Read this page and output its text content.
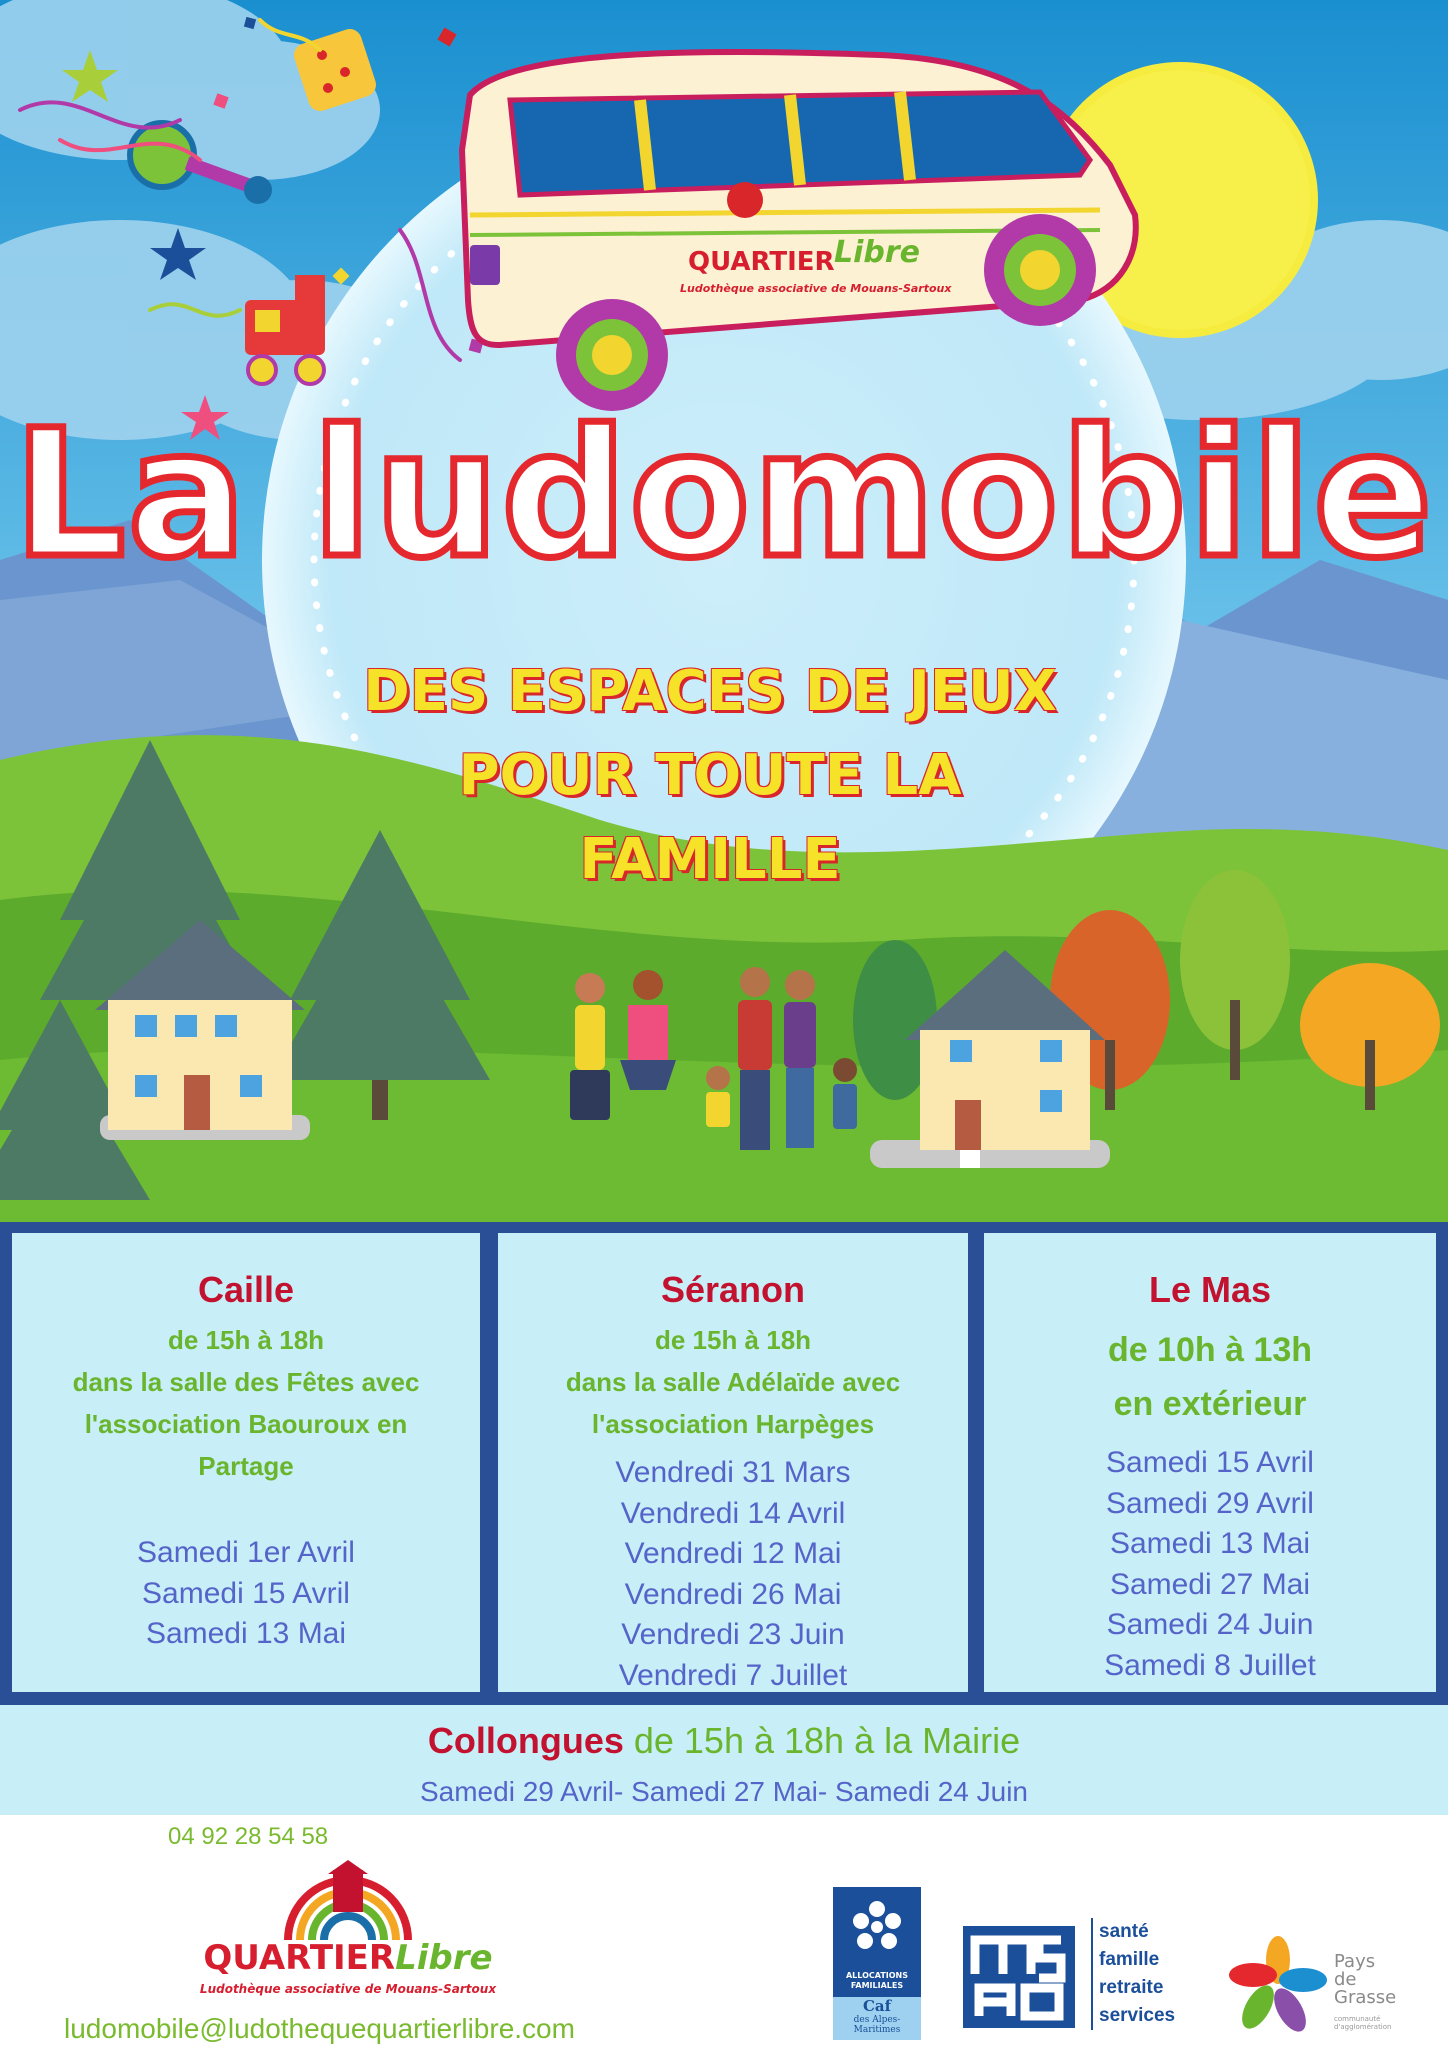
QUARTIER Libre
Ludothèque associative de Mouans-Sartoux
La ludomobile
DES ESPACES DE JEUX
POUR TOUTE LA
FAMILLE
Caille
de 15h à 18h
dans la salle des Fêtes avec
l'association Baouroux en
Partage
Samedi 1er Avril
Samedi 15 Avril
Samedi 13 Mai
Séranon
de 15h à 18h
dans la salle Adélaïde avec
l'association Harpèges
Vendredi 31 Mars
Vendredi 14 Avril
Vendredi 12 Mai
Vendredi 26 Mai
Vendredi 23 Juin
Vendredi 7 Juillet
Le Mas
de 10h à 13h
en extérieur
Samedi 15 Avril
Samedi 29 Avril
Samedi 13 Mai
Samedi 27 Mai
Samedi 24 Juin
Samedi 8 Juillet
Collongues de 15h à 18h à la Mairie
Samedi 29 Avril- Samedi 27 Mai- Samedi 24 Juin
04 92 28 54 58
QUARTIERLibre
Ludothèque associative de Mouans-Sartoux
ludomobile@ludothequequartierlibre.com
ALLOCATIONS
FAMILIALES
Caf
des Alpes-
Maritimes
santé
famille
retraite
services
Pays
de
Grasse
communauté
d'agglomération
